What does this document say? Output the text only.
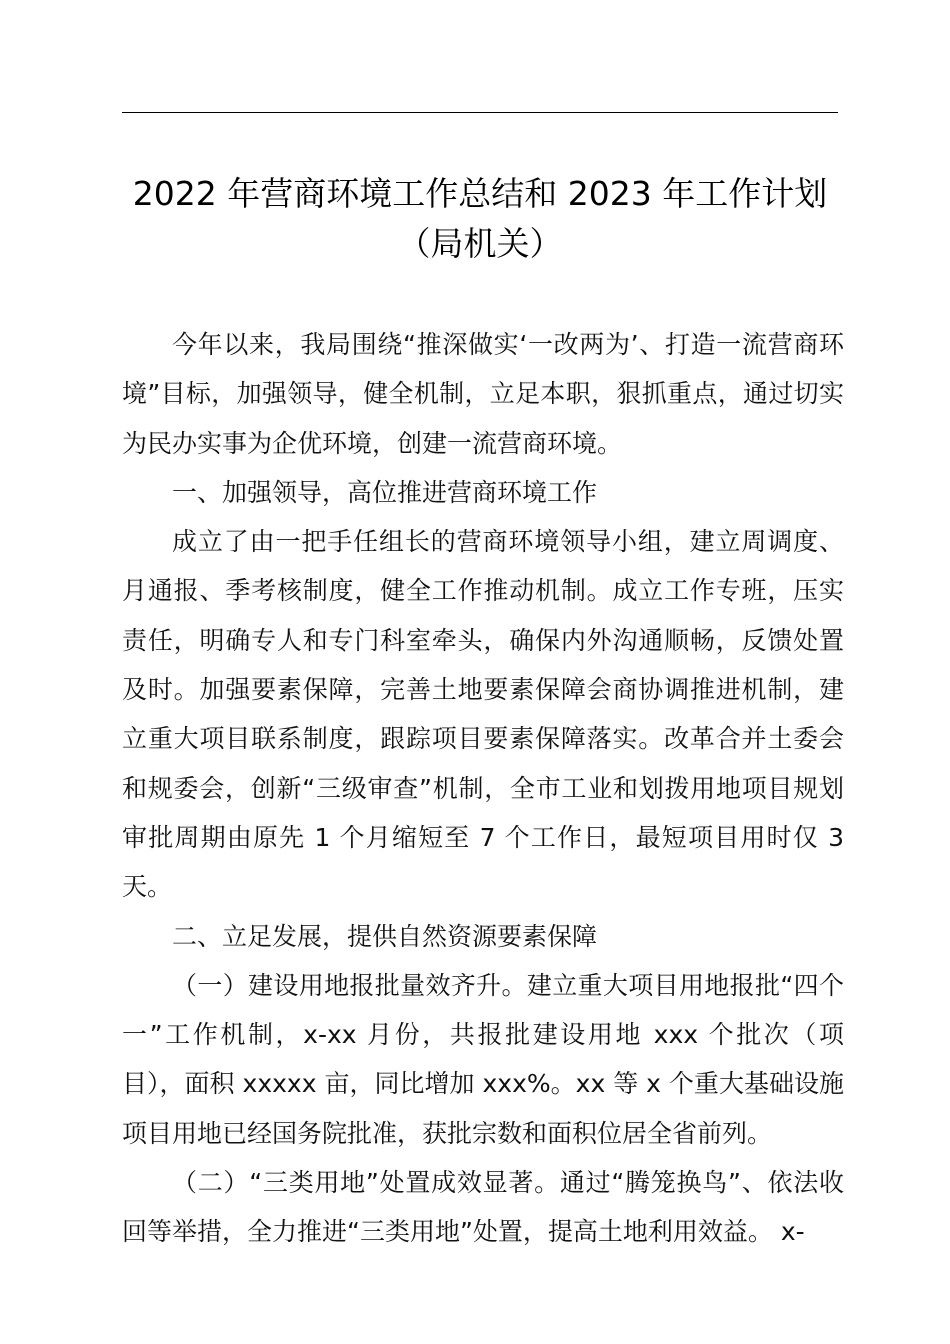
2022 年营商环境工作总结和 2023 年工作计划
（局机关）

今年以来，我局围绕“推深做实‘一改两为’、打造一流营商环境”目标，加强领导，健全机制，立足本职，狠抓重点，通过切实为民办实事为企优环境，创建一流营商环境。

一、加强领导，高位推进营商环境工作

成立了由一把手任组长的营商环境领导小组，建立周调度、月通报、季考核制度，健全工作推动机制。成立工作专班，压实责任，明确专人和专门科室牵头，确保内外沟通顺畅，反馈处置及时。加强要素保障，完善土地要素保障会商协调推进机制，建立重大项目联系制度，跟踪项目要素保障落实。改革合并土委会和规委会，创新“三级审查”机制，全市工业和划拨用地项目规划审批周期由原先 1 个月缩短至 7 个工作日，最短项目用时仅 3 天。

二、立足发展，提供自然资源要素保障

（一）建设用地报批量效齐升。建立重大项目用地报批“四个一”工作机制，x-xx 月份，共报批建设用地 xxx 个批次（项目），面积 xxxxx 亩，同比增加 xxx%。xx 等 x 个重大基础设施项目用地已经国务院批准，获批宗数和面积位居全省前列。

（二）“三类用地”处置成效显著。通过“腾笼换鸟”、依法收回等举措，全力推进“三类用地”处置，提高土地利用效益。 x-
